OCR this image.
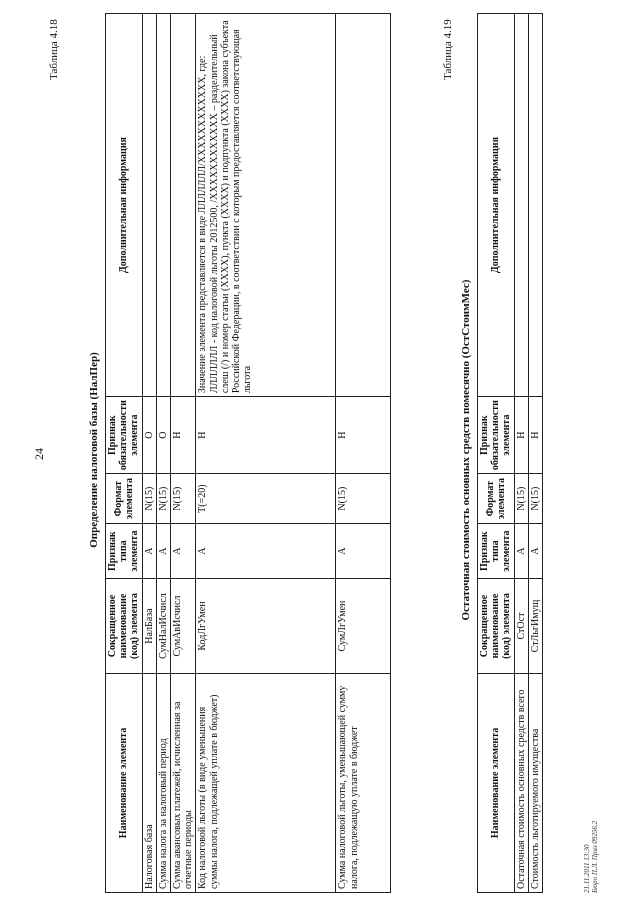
24
Таблица 4.18
Определение налоговой базы (НалПер)
Наименование элемента	Сокращенное наименование (код) элемента	Признак типа элемента	Формат элемента	Признак обязательности элемента	Дополнительная информация
Налоговая база	НалБаза	А	N(15)	О	
Сумма налога за налоговый период	СумНалИсчисл	А	N(15)	О	
Сумма авансовых платежей, исчисленная за отчетные периоды	СумАвИсчисл	А	N(15)	Н	
Код налоговой льготы (в виде уменьшения суммы налога, подлежащей уплате в бюджет)	КодЛгУмен	А	T(=20)	Н	Значение элемента представляется в виде ЛЛЛЛЛЛЛ/ХХХХХХХХХХХХ, где: ЛЛЛЛЛЛЛ - код налоговой льготы 2012500, /ХХХХХХХХХХХХ – разделительный слеш (/) и номер статьи (ХХХХ), пункта (ХХХХ) и подпункта (ХХХХ) закона субъекта Российской Федерации, в соответствии с которым предоставляется соответствующая льгота
Сумма налоговой льготы, уменьшающей сумму налога, подлежащую уплате в бюджет	СумЛгУмен	А	N(15)	Н	
Таблица 4.19
Остаточная стоимость основных средств помесячно (ОстСтоимМес)
Наименование элемента	Сокращенное наименование (код) элемента	Признак типа элемента	Формат элемента	Признак обязательности элемента	Дополнительная информация
Остаточная стоимость основных средств всего	СтОст	А	N(15)	Н	
Стоимость льготируемого имущества	СтЛьгИмущ	А	N(15)	Н	
21.11.2011 13:30 Бюро П.Л. Приз 09256.2
